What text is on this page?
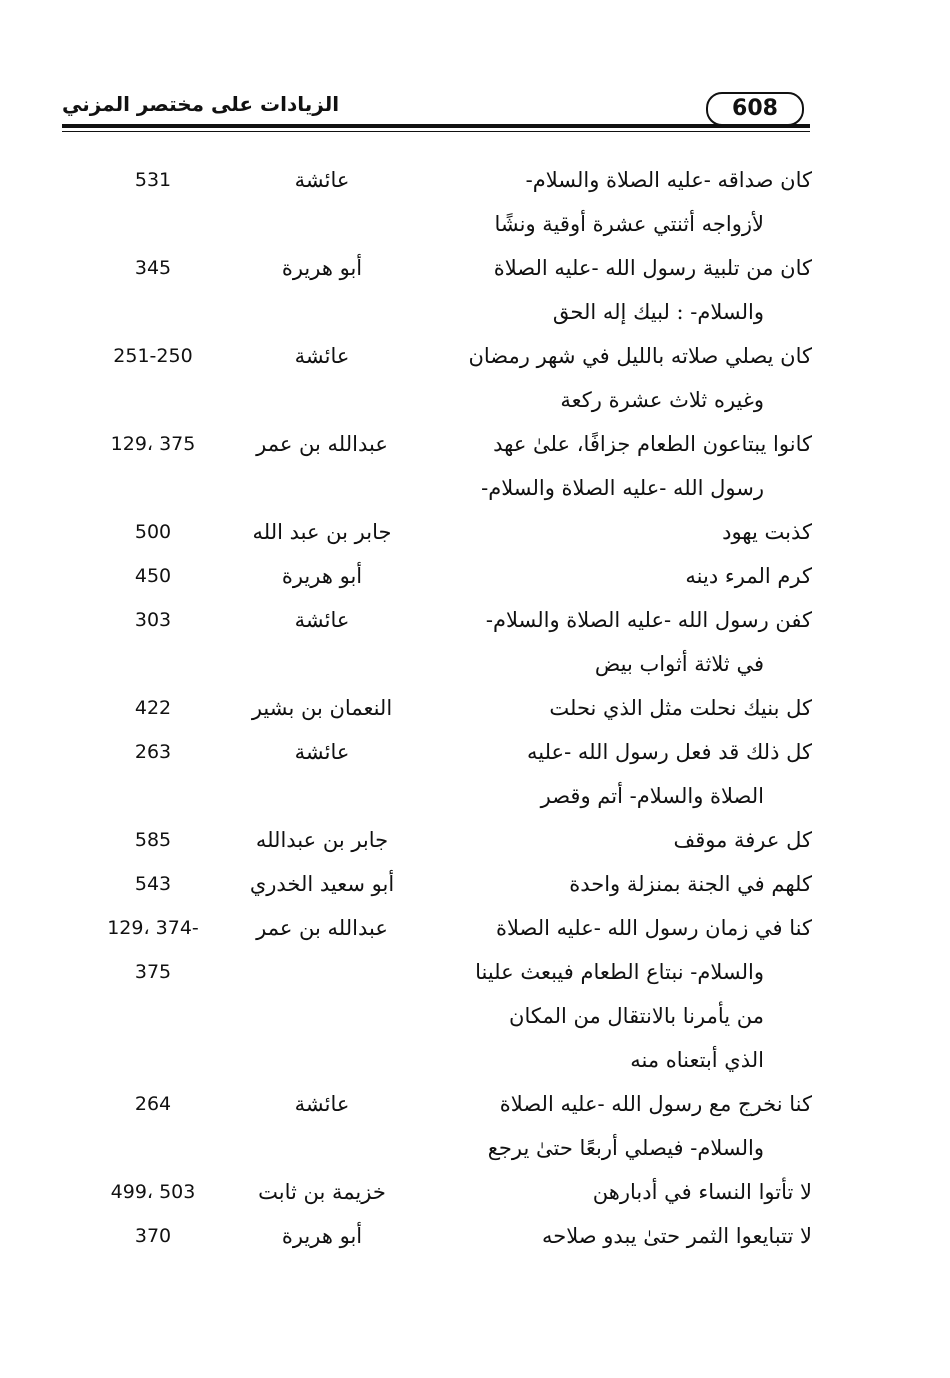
الزيادات على مختصر المزني	608
كان صداقه -عليه الصلاة والسلام-
لأزواجه أثنتي عشرة أوقية ونشًا
عائشة
531
كان من تلبية رسول الله -عليه الصلاة
والسلام- : لبيك إله الحق
أبو هريرة
345
كان يصلي صلاته بالليل في شهر رمضان
وغيره ثلاث عشرة ركعة
عائشة
251-250
كانوا يبتاعون الطعام جزافًا، علىٰ عهد
رسول الله -عليه الصلاة والسلام-
عبدالله بن عمر
129، 375
كذبت يهود
جابر بن عبد الله
500
كرم المرء دينه
أبو هريرة
450
كفن رسول الله -عليه الصلاة والسلام-
في ثلاثة أثواب بيض
عائشة
303
كل بنيك نحلت مثل الذي نحلت
النعمان بن بشير
422
كل ذلك قد فعل رسول الله -عليه
الصلاة والسلام- أتم وقصر
عائشة
263
كل عرفة موقف
جابر بن عبدالله
585
كلهم في الجنة بمنزلة واحدة
أبو سعيد الخدري
543
كنا في زمان رسول الله -عليه الصلاة
والسلام- نبتاع الطعام فيبعث علينا
من يأمرنا بالانتقال من المكان
الذي أبتعناه منه
عبدالله بن عمر
129، 374-
375
كنا نخرج مع رسول الله -عليه الصلاة
والسلام- فيصلي أربعًا حتىٰ يرجع
عائشة
264
لا تأتوا النساء في أدبارهن
خزيمة بن ثابت
499، 503
لا تتبايعوا الثمر حتىٰ يبدو صلاحه
أبو هريرة
370
